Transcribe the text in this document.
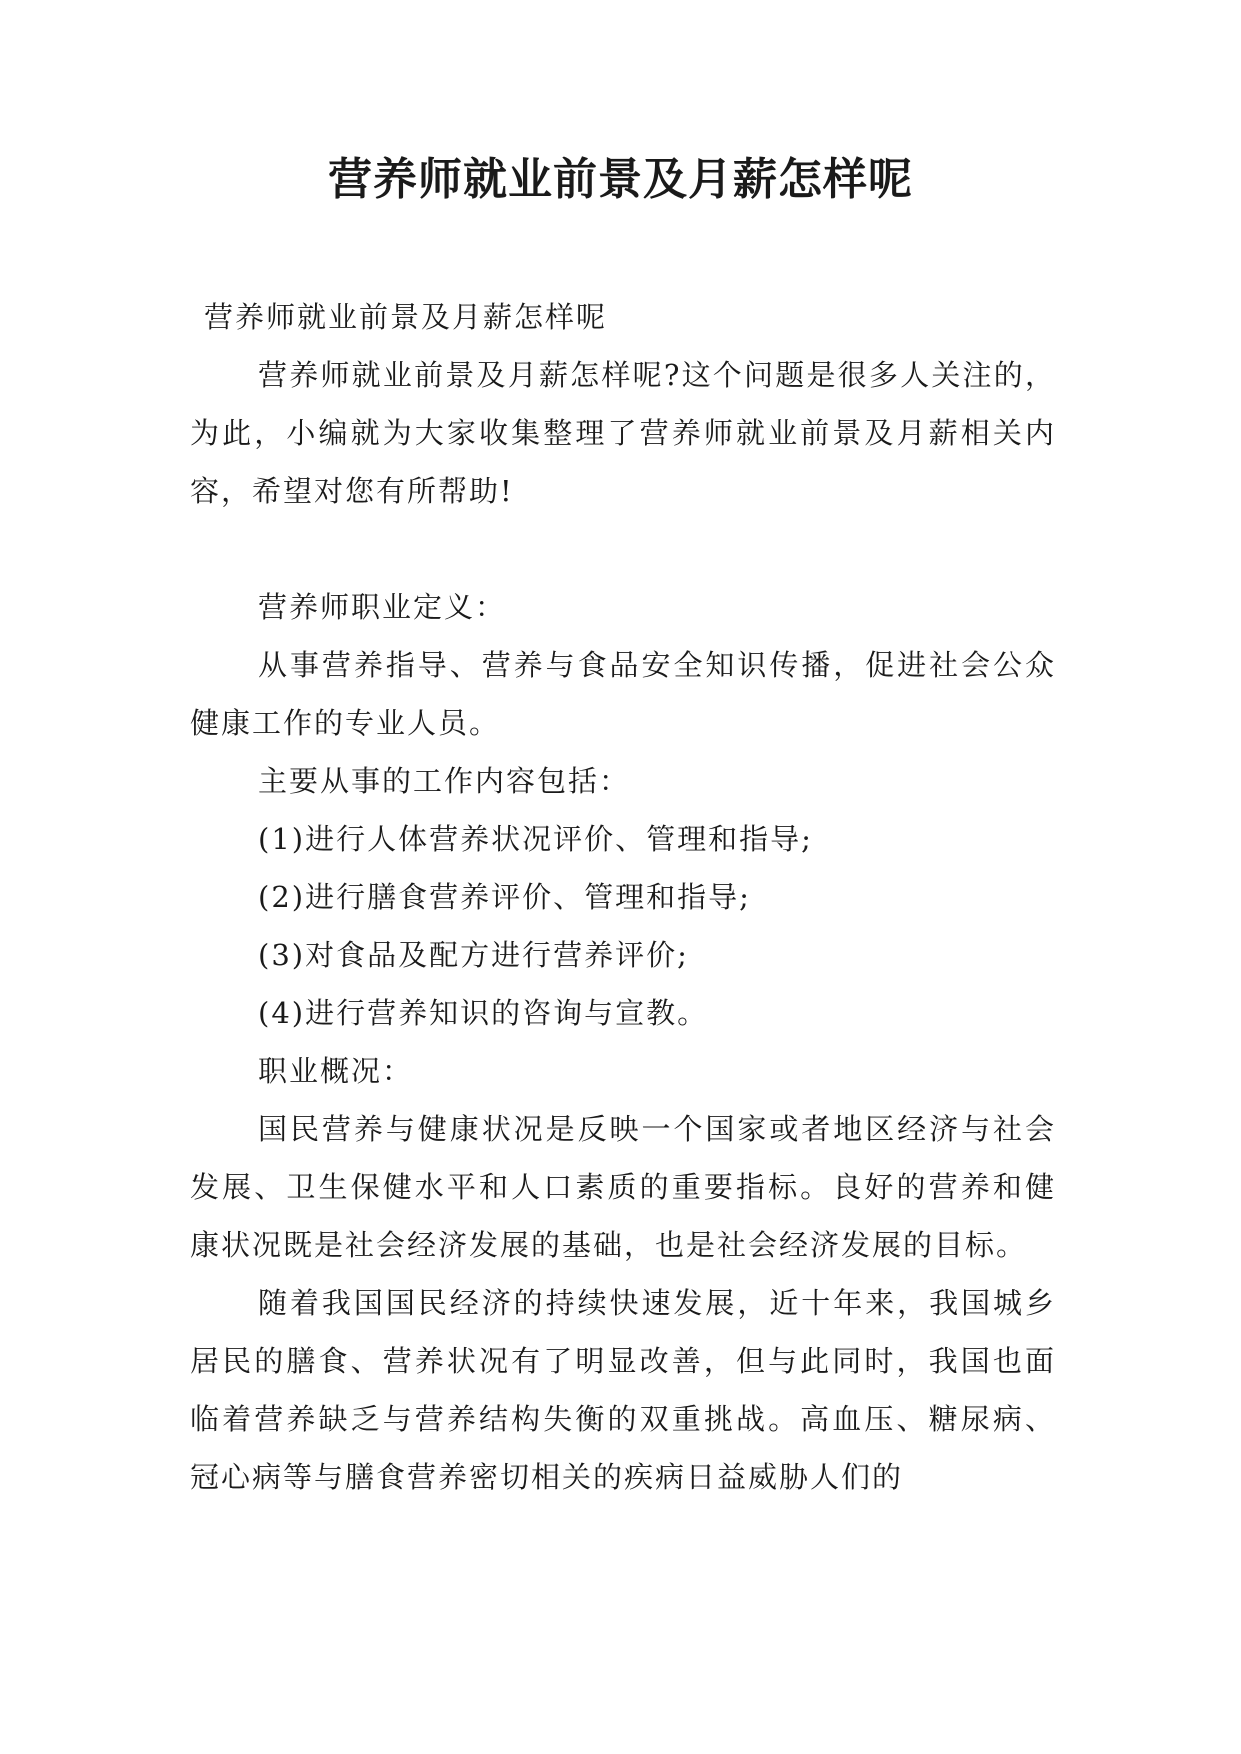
营养师就业前景及月薪怎样呢

营养师就业前景及月薪怎样呢

营养师就业前景及月薪怎样呢?这个问题是很多人关注的，为此，小编就为大家收集整理了营养师就业前景及月薪相关内容，希望对您有所帮助!

营养师职业定义：

从事营养指导、营养与食品安全知识传播，促进社会公众健康工作的专业人员。

主要从事的工作内容包括：

(1)进行人体营养状况评价、管理和指导;

(2)进行膳食营养评价、管理和指导;

(3)对食品及配方进行营养评价;

(4)进行营养知识的咨询与宣教。

职业概况：

国民营养与健康状况是反映一个国家或者地区经济与社会发展、卫生保健水平和人口素质的重要指标。良好的营养和健康状况既是社会经济发展的基础，也是社会经济发展的目标。

随着我国国民经济的持续快速发展，近十年来，我国城乡居民的膳食、营养状况有了明显改善，但与此同时，我国也面临着营养缺乏与营养结构失衡的双重挑战。高血压、糖尿病、冠心病等与膳食营养密切相关的疾病日益威胁人们的
